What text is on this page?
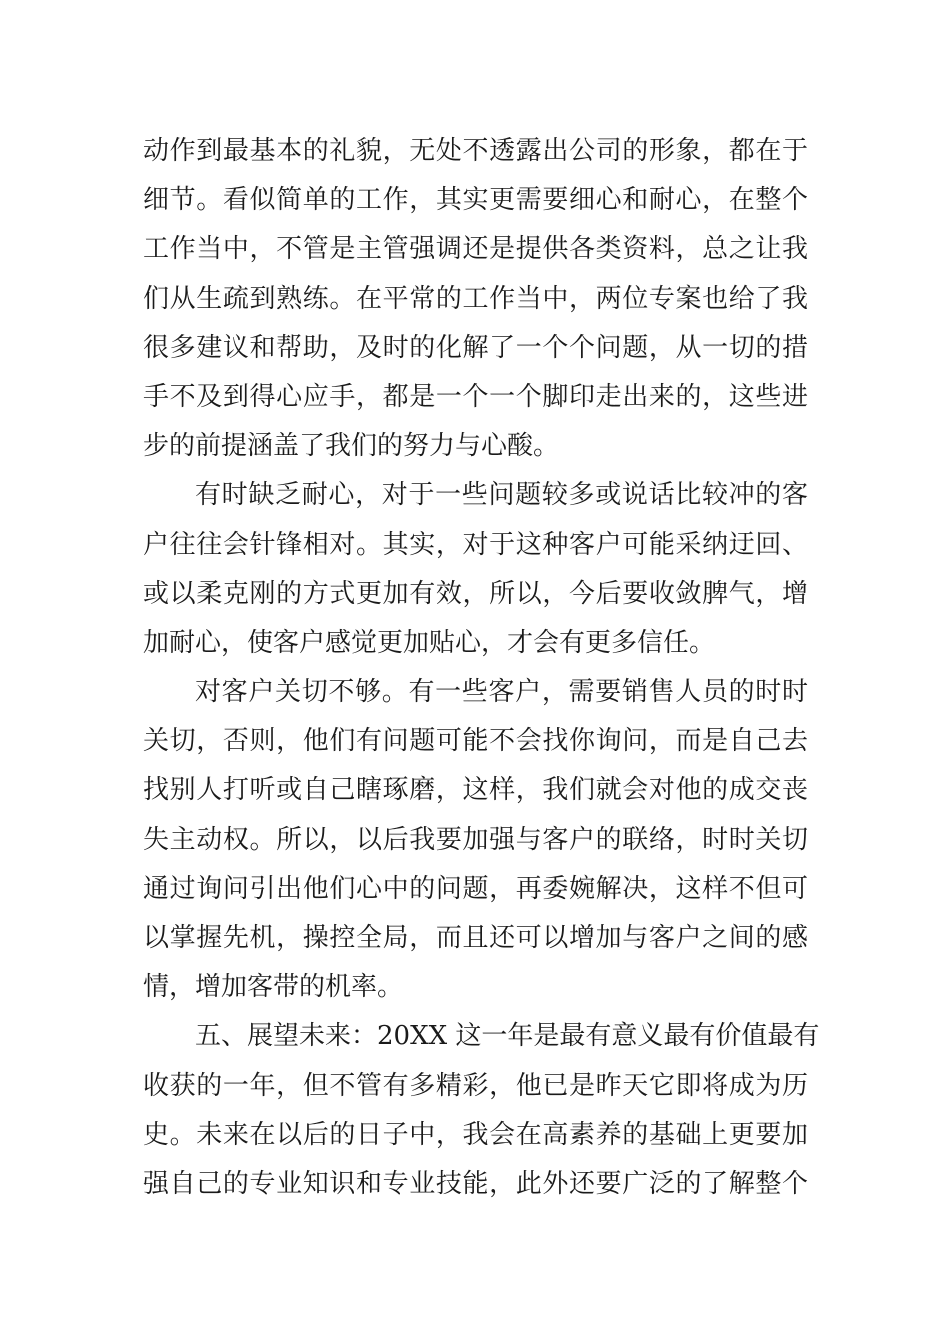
动作到最基本的礼貌，无处不透露出公司的形象，都在于
细节。看似简单的工作，其实更需要细心和耐心，在整个
工作当中，不管是主管强调还是提供各类资料，总之让我
们从生疏到熟练。在平常的工作当中，两位专案也给了我
很多建议和帮助，及时的化解了一个个问题，从一切的措
手不及到得心应手，都是一个一个脚印走出来的，这些进
步的前提涵盖了我们的努力与心酸。
有时缺乏耐心，对于一些问题较多或说话比较冲的客
户往往会针锋相对。其实，对于这种客户可能采纳迂回、
或以柔克刚的方式更加有效，所以，今后要收敛脾气，增
加耐心，使客户感觉更加贴心，才会有更多信任。
对客户关切不够。有一些客户，需要销售人员的时时
关切，否则，他们有问题可能不会找你询问，而是自己去
找别人打听或自己瞎琢磨，这样，我们就会对他的成交丧
失主动权。所以，以后我要加强与客户的联络，时时关切
通过询问引出他们心中的问题，再委婉解决，这样不但可
以掌握先机，操控全局，而且还可以增加与客户之间的感
情，增加客带的机率。
五、展望未来：20XX 这一年是最有意义最有价值最有
收获的一年，但不管有多精彩，他已是昨天它即将成为历
史。未来在以后的日子中，我会在高素养的基础上更要加
强自己的专业知识和专业技能，此外还要广泛的了解整个
